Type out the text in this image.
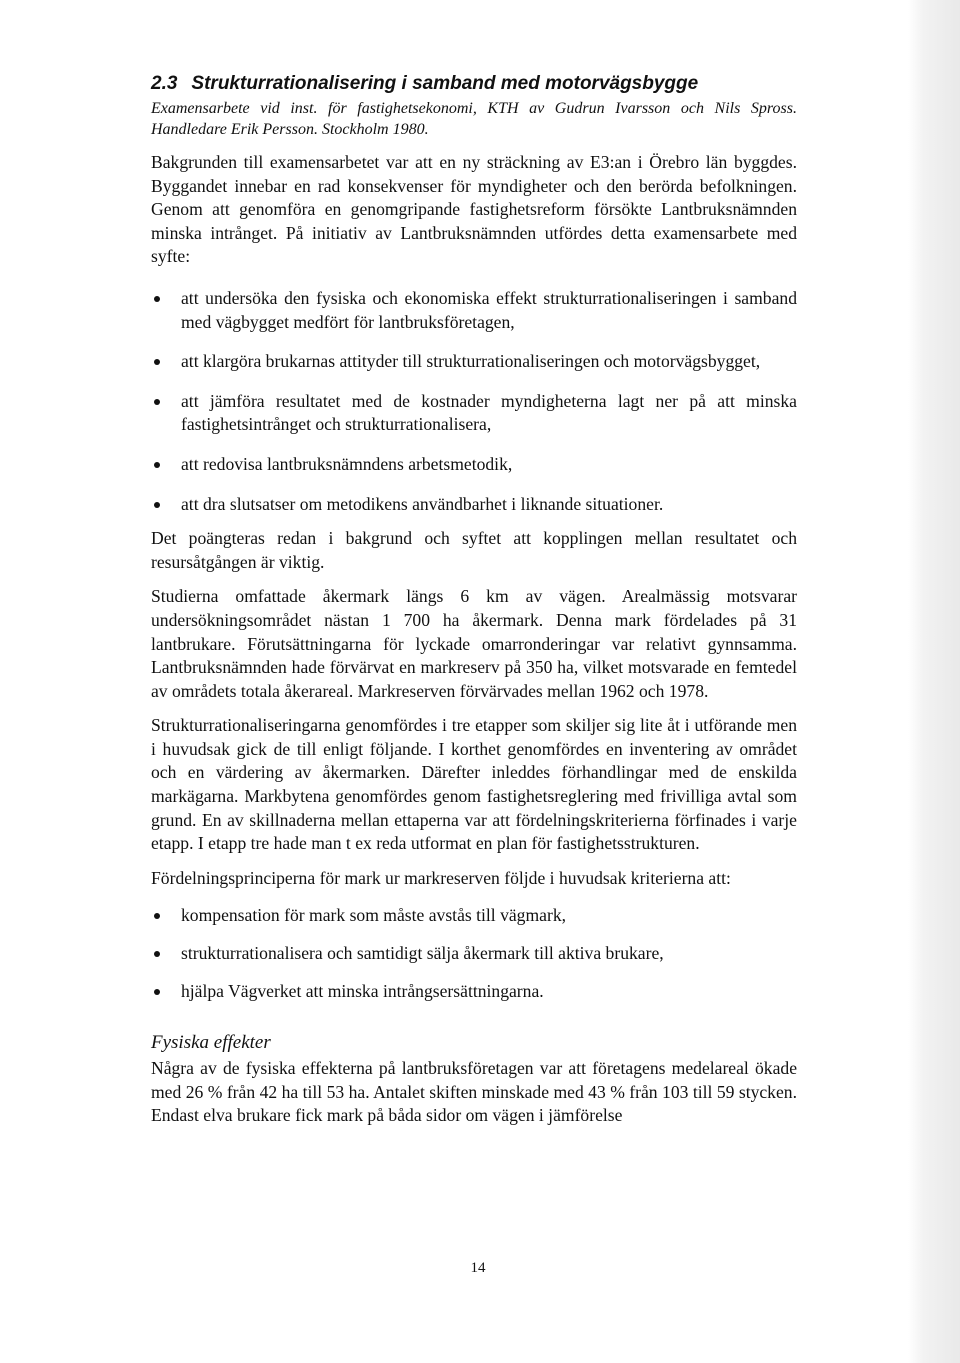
2.3 Strukturrationalisering i samband med motorvägsbygge
Examensarbete vid inst. för fastighetsekonomi, KTH av Gudrun Ivarsson och Nils Spross. Handledare Erik Persson. Stockholm 1980.

Bakgrunden till examensarbetet var att en ny sträckning av E3:an i Örebro län byggdes. Byggandet innebar en rad konsekvenser för myndigheter och den berörda befolkningen. Genom att genomföra en genomgripande fastighetsreform försökte Lantbruksnämnden minska intrånget. På initiativ av Lantbruksnämnden utfördes detta examensarbete med syfte:

att undersöka den fysiska och ekonomiska effekt strukturrationaliseringen i samband med vägbygget medfört för lantbruksföretagen,
att klargöra brukarnas attityder till strukturrationaliseringen och motorvägsbygget,
att jämföra resultatet med de kostnader myndigheterna lagt ner på att minska fastighetsintrånget och strukturrationalisera,
att redovisa lantbruksnämndens arbetsmetodik,
att dra slutsatser om metodikens användbarhet i liknande situationer.

Det poängteras redan i bakgrund och syftet att kopplingen mellan resultatet och resursåtgången är viktig.

Studierna omfattade åkermark längs 6 km av vägen. Arealmässig motsvarar undersökningsområdet nästan 1 700 ha åkermark. Denna mark fördelades på 31 lantbrukare. Förutsättningarna för lyckade omarronderingar var relativt gynnsamma. Lantbruksnämnden hade förvärvat en markreserv på 350 ha, vilket motsvarade en femtedel av områdets totala åkerareal. Markreserven förvärvades mellan 1962 och 1978.

Strukturrationaliseringarna genomfördes i tre etapper som skiljer sig lite åt i utförande men i huvudsak gick de till enligt följande. I korthet genomfördes en inventering av området och en värdering av åkermarken. Därefter inleddes förhandlingar med de enskilda markägarna. Markbytena genomfördes genom fastighetsreglering med frivilliga avtal som grund. En av skillnaderna mellan ettaperna var att fördelningskriterierna förfinades i varje etapp. I etapp tre hade man t ex reda utformat en plan för fastighetsstrukturen.

Fördelningsprinciperna för mark ur markreserven följde i huvudsak kriterierna att:

kompensation för mark som måste avstås till vägmark,
strukturrationalisera och samtidigt sälja åkermark till aktiva brukare,
hjälpa Vägverket att minska intrångsersättningarna.
Fysiska effekter

Några av de fysiska effekterna på lantbruksföretagen var att företagens medelareal ökade med 26 % från 42 ha till 53 ha. Antalet skiften minskade med 43 % från 103 till 59 stycken. Endast elva brukare fick mark på båda sidor om vägen i jämförelse

14
